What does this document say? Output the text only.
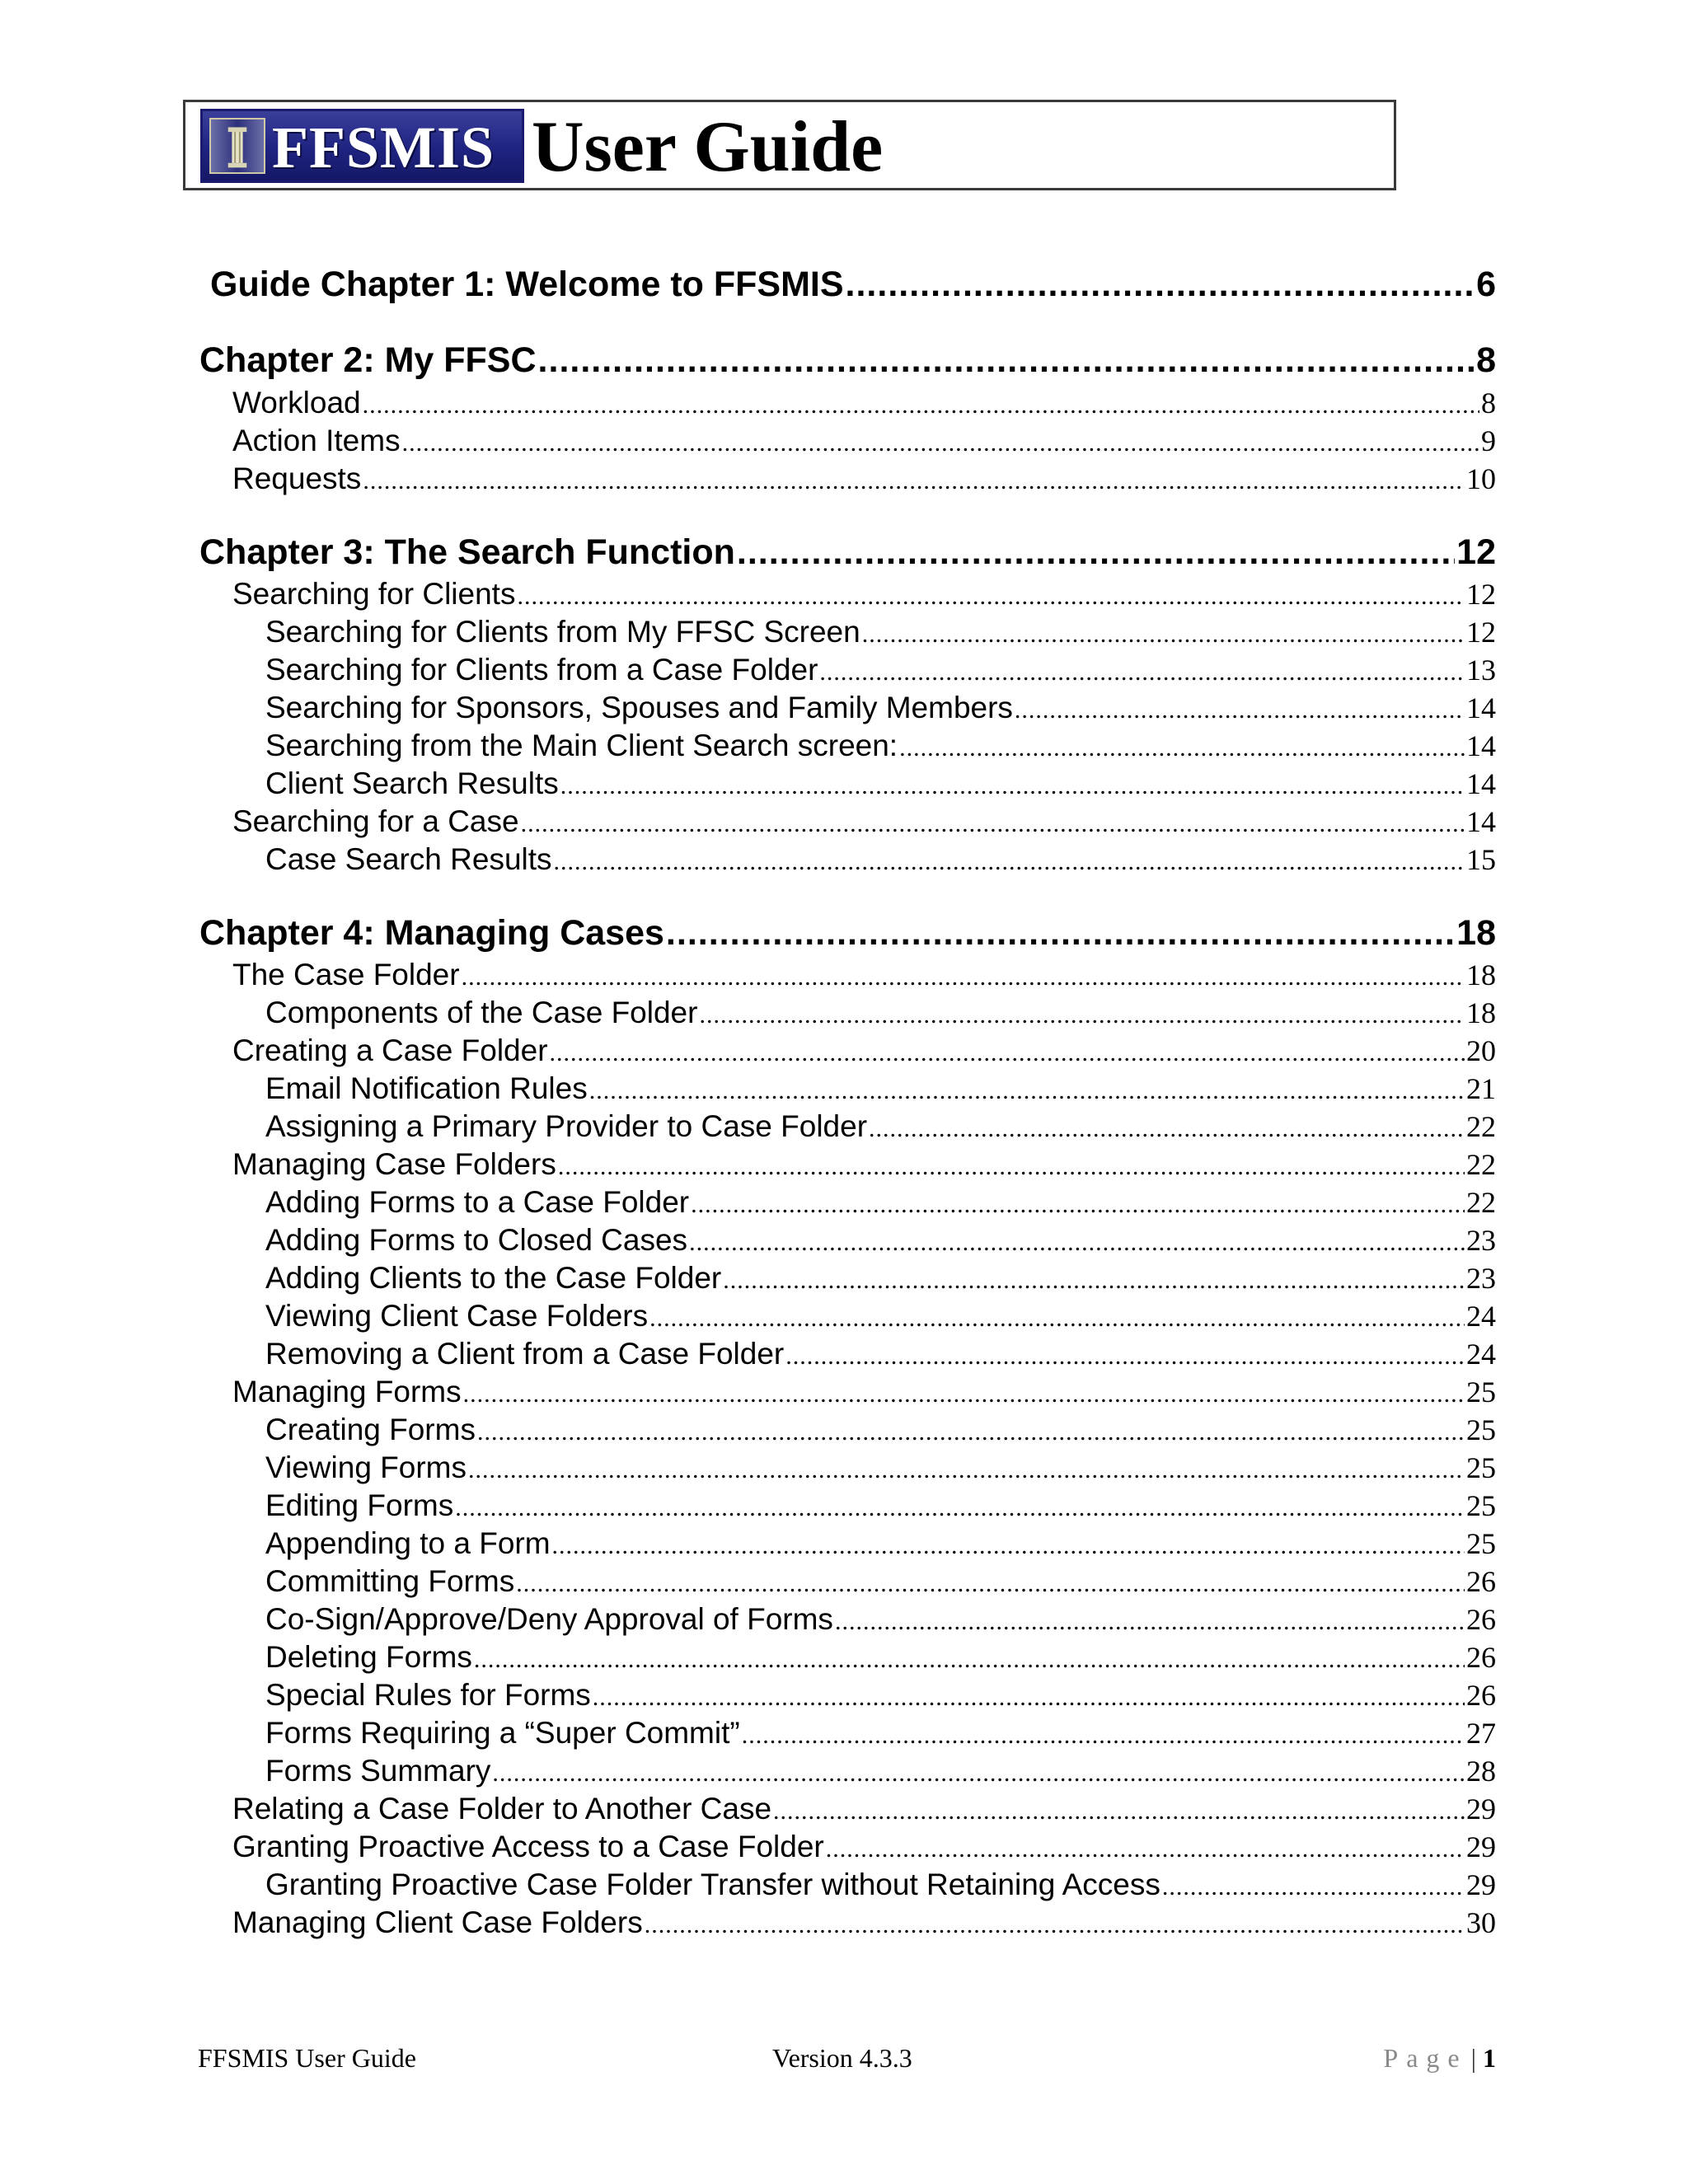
FFSMIS User Guide
Guide Chapter 1: Welcome to FFSMIS .....	6
Chapter 2: My FFSC .....	8
Workload .....	8
Action Items .....	9
Requests .....	10
Chapter 3: The Search Function .....	12
Searching for Clients .....	12
Searching for Clients from My FFSC Screen .....	12
Searching for Clients from a Case Folder .....	13
Searching for Sponsors, Spouses and Family Members .....	14
Searching from the Main Client Search screen: .....	14
Client Search Results .....	14
Searching for a Case .....	14
Case Search Results .....	15
Chapter 4: Managing Cases .....	18
The Case Folder .....	18
Components of the Case Folder .....	18
Creating a Case Folder .....	20
Email Notification Rules .....	21
Assigning a Primary Provider to Case Folder .....	22
Managing Case Folders .....	22
Adding Forms to a Case Folder .....	22
Adding Forms to Closed Cases .....	23
Adding Clients to the Case Folder .....	23
Viewing Client Case Folders .....	24
Removing a Client from a Case Folder .....	24
Managing Forms .....	25
Creating Forms .....	25
Viewing Forms .....	25
Editing Forms .....	25
Appending to a Form .....	25
Committing Forms .....	26
Co-Sign/Approve/Deny Approval of Forms .....	26
Deleting Forms .....	26
Special Rules for Forms .....	26
Forms Requiring a “Super Commit” .....	27
Forms Summary .....	28
Relating a Case Folder to Another Case .....	29
Granting Proactive Access to a Case Folder .....	29
Granting Proactive Case Folder Transfer without Retaining Access .....	29
Managing Client Case Folders .....	30
FFSMIS User Guide	Version 4.3.3	Page | 1
